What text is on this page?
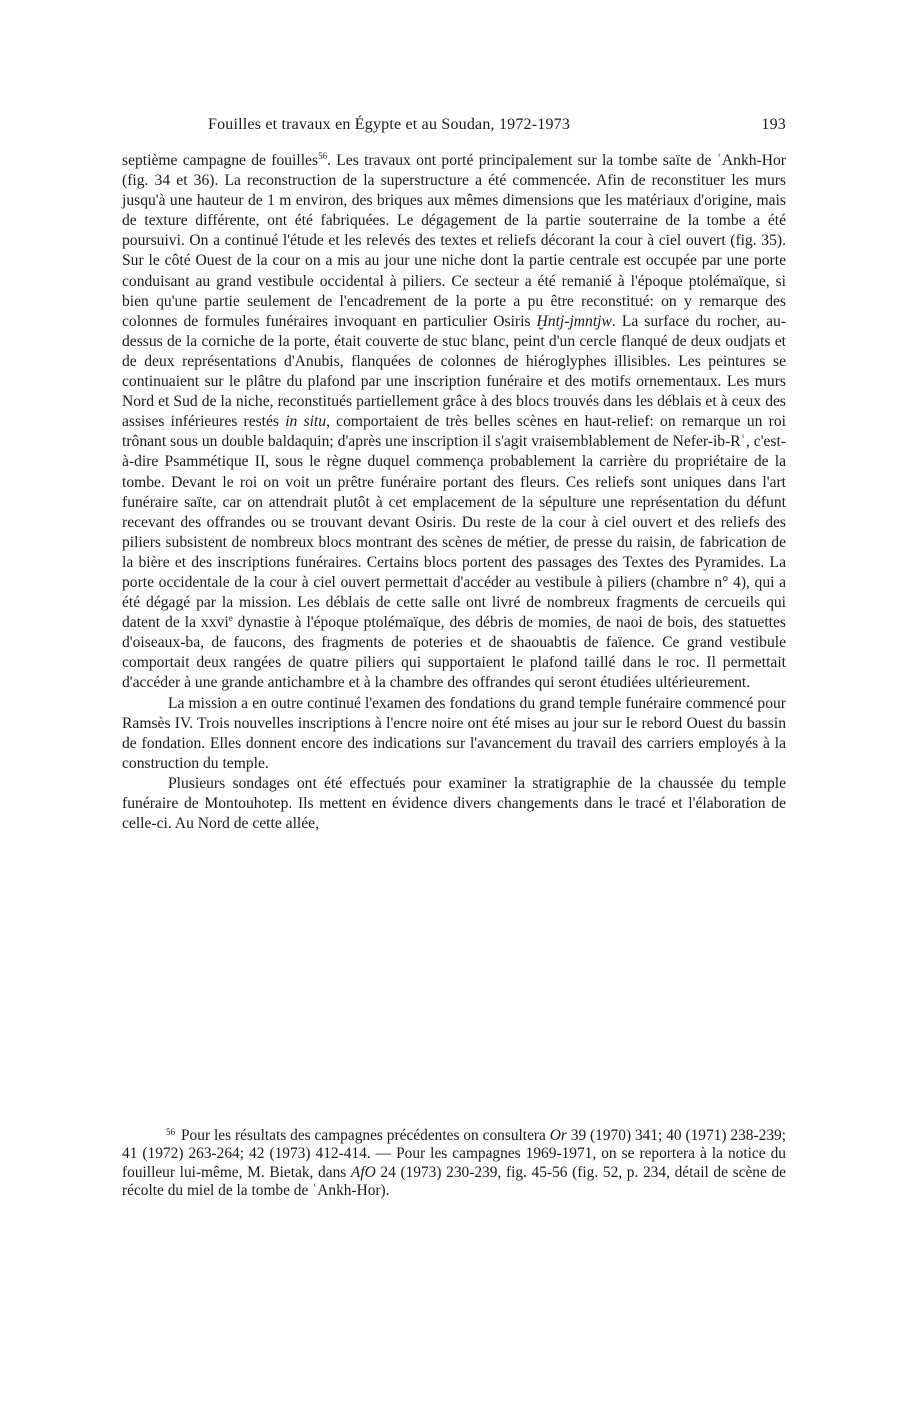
Fouilles et travaux en Égypte et au Soudan, 1972-1973	193

septième campagne de fouilles$^{56}$. Les travaux ont porté principalement sur la tombe saïte de ʿAnkh-Hor (fig. 34 et 36). La reconstruction de la superstructure a été commencée. Afin de reconstituer les murs jusqu'à une hauteur de 1 m environ, des briques aux mêmes dimensions que les matériaux d'origine, mais de texture différente, ont été fabriquées. Le dégagement de la partie souterraine de la tombe a été poursuivi. On a continué l'étude et les relevés des textes et reliefs décorant la cour à ciel ouvert (fig. 35). Sur le côté Ouest de la cour on a mis au jour une niche dont la partie centrale est occupée par une porte conduisant au grand vestibule occidental à piliers. Ce secteur a été remanié à l'époque ptolémaïque, si bien qu'une partie seulement de l'encadrement de la porte a pu être reconstitué: on y remarque des colonnes de formules funéraires invoquant en particulier Osiris Ḫntj-jmntjw. La surface du rocher, au-dessus de la corniche de la porte, était couverte de stuc blanc, peint d'un cercle flanqué de deux oudjats et de deux représentations d'Anubis, flanquées de colonnes de hiéroglyphes illisibles. Les peintures se continuaient sur le plâtre du plafond par une inscription funéraire et des motifs ornementaux. Les murs Nord et Sud de la niche, reconstitués partiellement grâce à des blocs trouvés dans les déblais et à ceux des assises inférieures restés in situ, comportaient de très belles scènes en haut-relief: on remarque un roi trônant sous un double baldaquin; d'après une inscription il s'agit vraisemblablement de Nefer-ib-Rʿ, c'est-à-dire Psammétique II, sous le règne duquel commença probablement la carrière du propriétaire de la tombe. Devant le roi on voit un prêtre funéraire portant des fleurs. Ces reliefs sont uniques dans l'art funéraire saïte, car on attendrait plutôt à cet emplacement de la sépulture une représentation du défunt recevant des offrandes ou se trouvant devant Osiris. Du reste de la cour à ciel ouvert et des reliefs des piliers subsistent de nombreux blocs montrant des scènes de métier, de presse du raisin, de fabrication de la bière et des inscriptions funéraires. Certains blocs portent des passages des Textes des Pyramides. La porte occidentale de la cour à ciel ouvert permettait d'accéder au vestibule à piliers (chambre n° 4), qui a été dégagé par la mission. Les déblais de cette salle ont livré de nombreux fragments de cercueils qui datent de la xxvi$^e$ dynastie à l'époque ptolémaïque, des débris de momies, de naoi de bois, des statuettes d'oiseaux-ba, de faucons, des fragments de poteries et de shaouabtis de faïence. Ce grand vestibule comportait deux rangées de quatre piliers qui supportaient le plafond taillé dans le roc. Il permettait d'accéder à une grande antichambre et à la chambre des offrandes qui seront étudiées ultérieurement.

La mission a en outre continué l'examen des fondations du grand temple funéraire commencé pour Ramsès IV. Trois nouvelles inscriptions à l'encre noire ont été mises au jour sur le rebord Ouest du bassin de fondation. Elles donnent encore des indications sur l'avancement du travail des carriers employés à la construction du temple.

Plusieurs sondages ont été effectués pour examiner la stratigraphie de la chaussée du temple funéraire de Montouhotep. Ils mettent en évidence divers changements dans le tracé et l'élaboration de celle-ci. Au Nord de cette allée,

$^{56}$ Pour les résultats des campagnes précédentes on consultera Or 39 (1970) 341; 40 (1971) 238-239; 41 (1972) 263-264; 42 (1973) 412-414. — Pour les campagnes 1969-1971, on se reportera à la notice du fouilleur lui-même, M. Bietak, dans AfO 24 (1973) 230-239, fig. 45-56 (fig. 52, p. 234, détail de scène de récolte du miel de la tombe de ʿAnkh-Hor).
